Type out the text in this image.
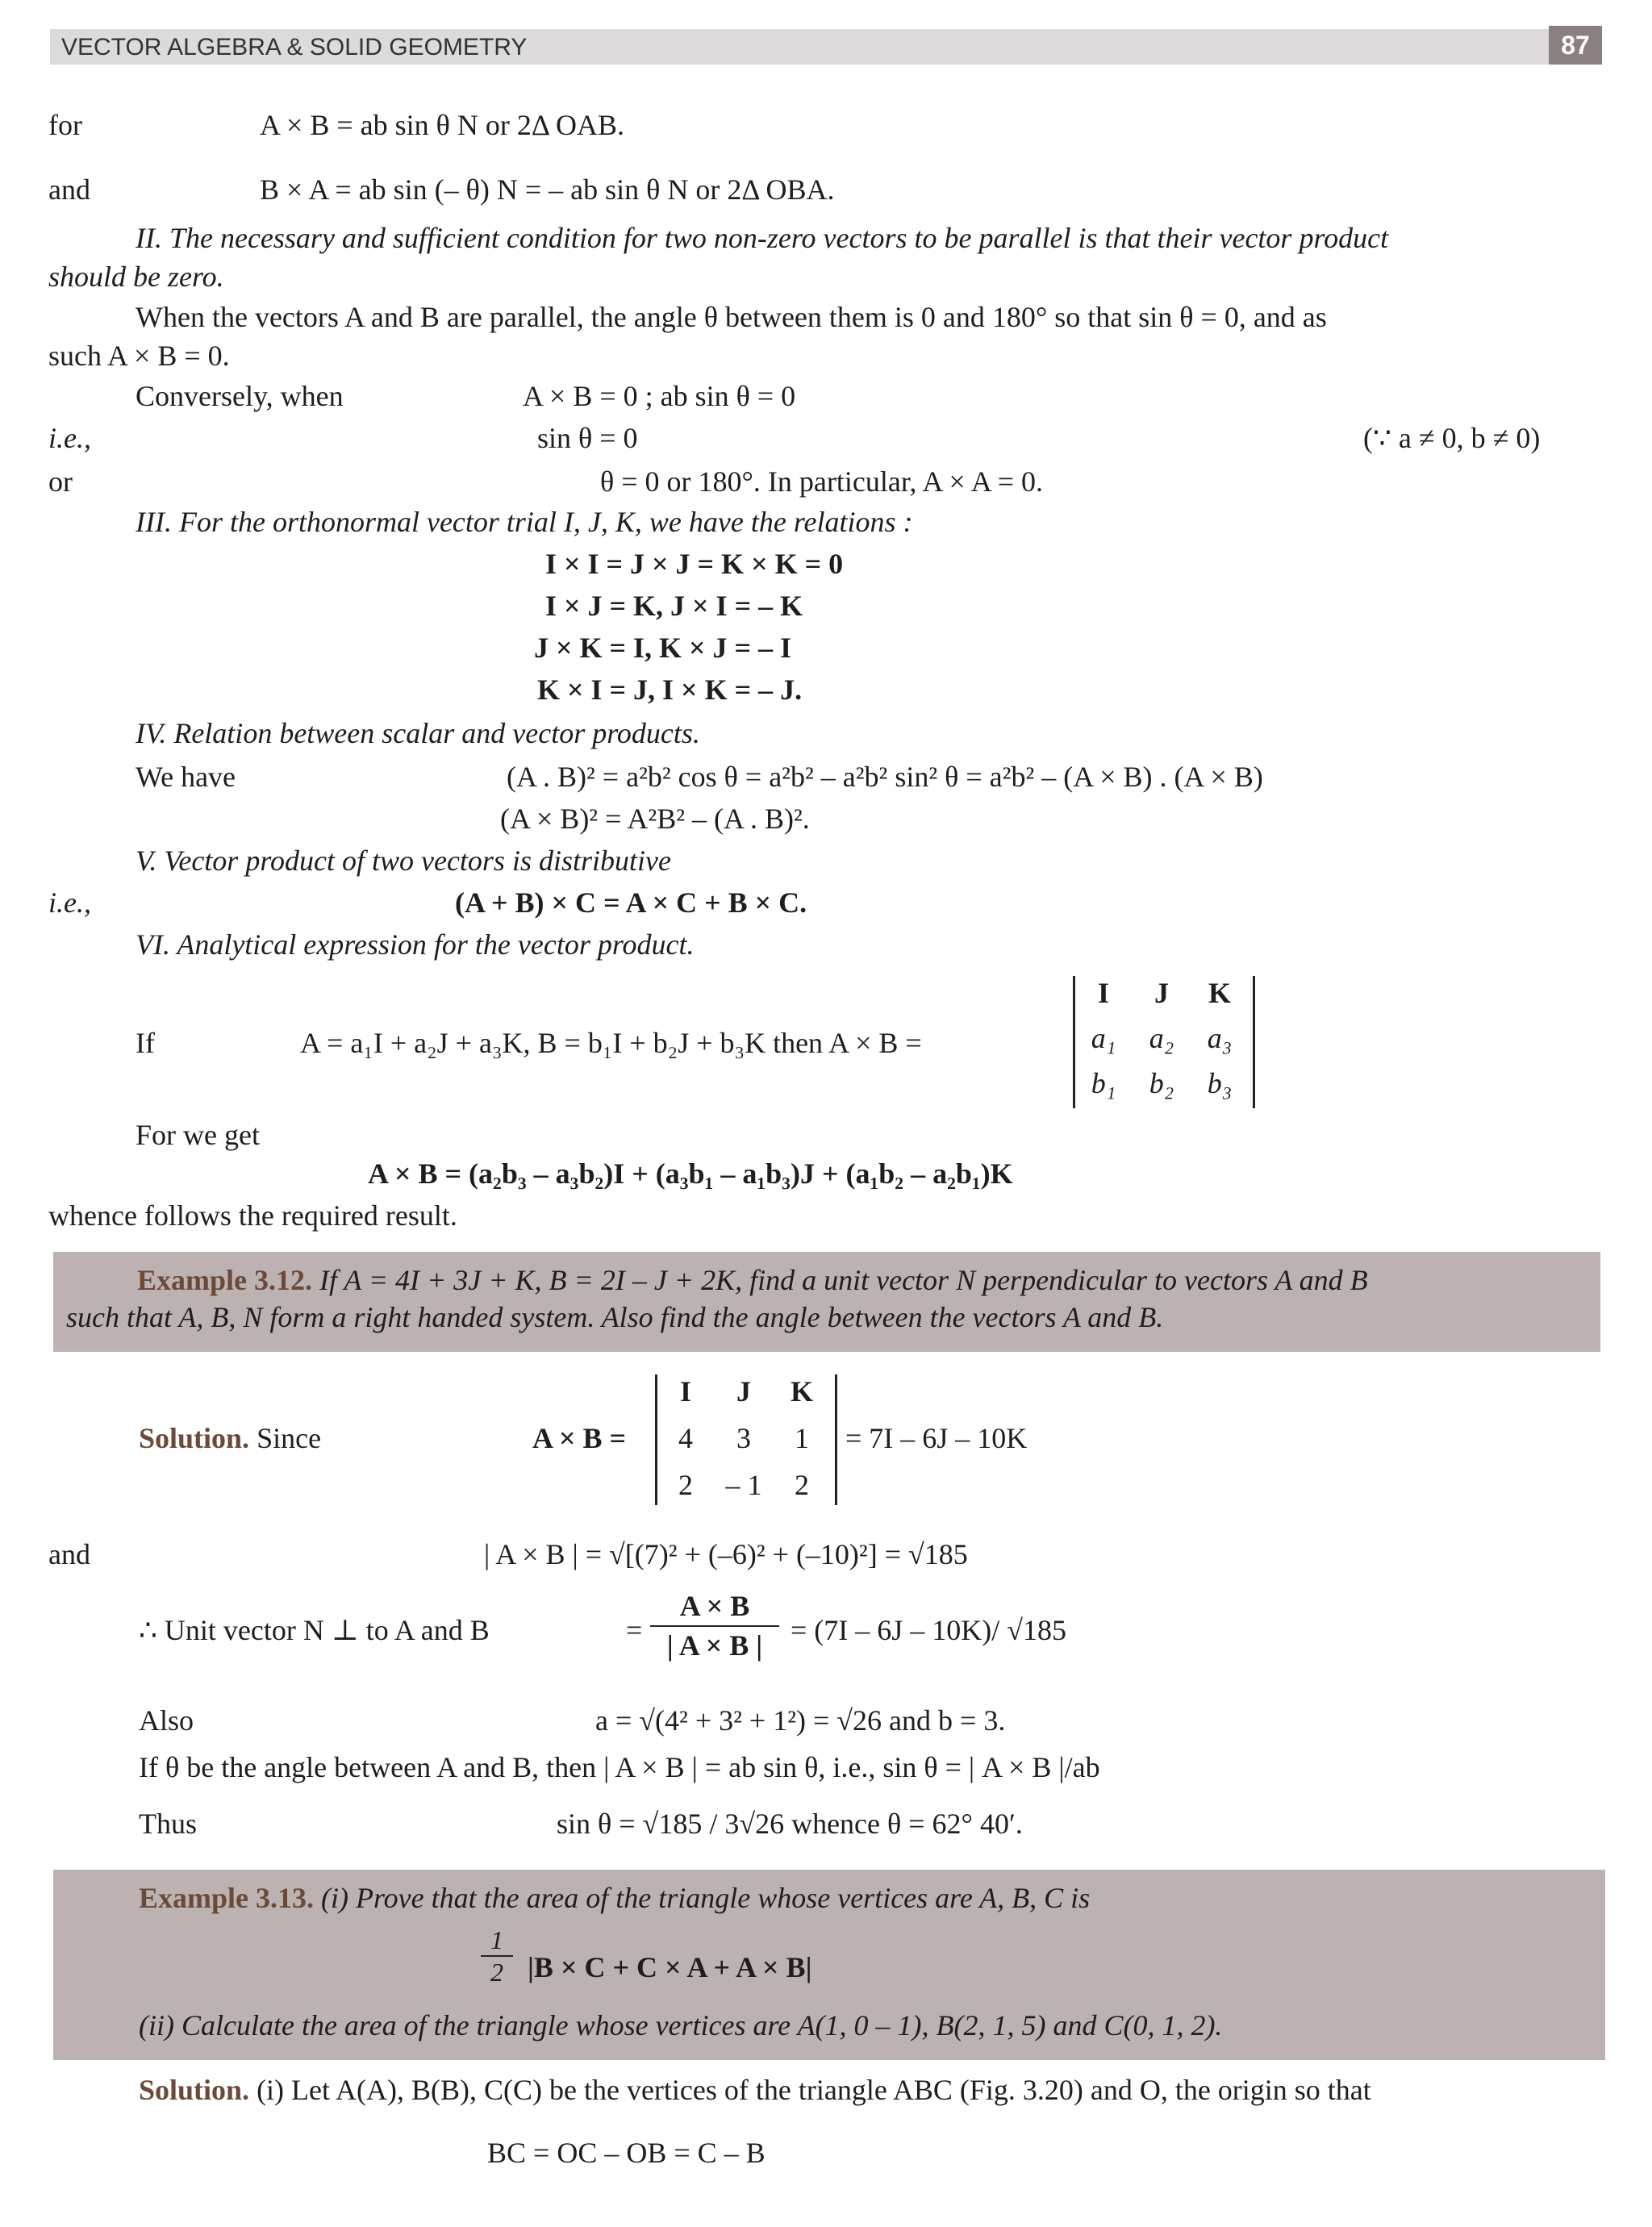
VECTOR ALGEBRA & SOLID GEOMETRY	87
for	A × B = ab sin θ N or 2Δ OAB.
and	B × A = ab sin (– θ) N = – ab sin θ N or 2Δ OBA.
II. The necessary and sufficient condition for two non-zero vectors to be parallel is that their vector product
should be zero.
When the vectors A and B are parallel, the angle θ between them is 0 and 180° so that sin θ = 0, and as
such A × B = 0.
Conversely, when	A × B = 0 ; ab sin θ = 0
i.e.,	sin θ = 0	(∵ a ≠ 0, b ≠ 0)
or	θ = 0 or 180°. In particular, A × A = 0.
III. For the orthonormal vector trial I, J, K, we have the relations :
I × I = J × J = K × K = 0
I × J = K, J × I = – K
J × K = I, K × J = – I
K × I = J, I × K = – J.
IV. Relation between scalar and vector products.
We have	(A . B)² = a²b² cos θ = a²b² – a²b² sin² θ = a²b² – (A × B) . (A × B)
(A × B)² = A²B² – (A . B)².
V. Vector product of two vectors is distributive
i.e.,	(A + B) × C = A × C + B × C.
VI. Analytical expression for the vector product.
If	A = a₁I + a₂J + a₃K, B = b₁I + b₂J + b₃K then A × B =
I	J	K
a₁	a₂	a₃
b₁	b₂	b₃
For we get
A × B = (a₂b₃ – a₃b₂)I + (a₃b₁ – a₁b₃)J + (a₁b₂ – a₂b₁)K
whence follows the required result.
Example 3.12. If A = 4I + 3J + K, B = 2I – J + 2K, find a unit vector N perpendicular to vectors A and B
such that A, B, N form a right handed system. Also find the angle between the vectors A and B.
Solution. Since	A × B =
I	J	K
4	3	1
2	– 1	2
= 7I – 6J – 10K
and	| A × B | = √[(7)² + (–6)² + (–10)²] = √185
∴ Unit vector N ⊥ to A and B	= $\frac{A \times B}{| A \times B |} = (7I - 6J - 10K)/$ √185
Also	a = √(4² + 3² + 1²) = √26 and b = 3.
If θ be the angle between A and B, then | A × B | = ab sin θ, i.e., sin θ = | A × B |/ab
Thus	sin θ = √185 / 3√26 whence θ = 62° 40′.
Example 3.13. (i) Prove that the area of the triangle whose vertices are A, B, C is
$\frac{1}{2} |B \times C + C \times A + A \times B|$
(ii) Calculate the area of the triangle whose vertices are A(1, 0 – 1), B(2, 1, 5) and C(0, 1, 2).
Solution. (i) Let A(A), B(B), C(C) be the vertices of the triangle ABC (Fig. 3.20) and O, the origin so that
BC = OC – OB = C – B
